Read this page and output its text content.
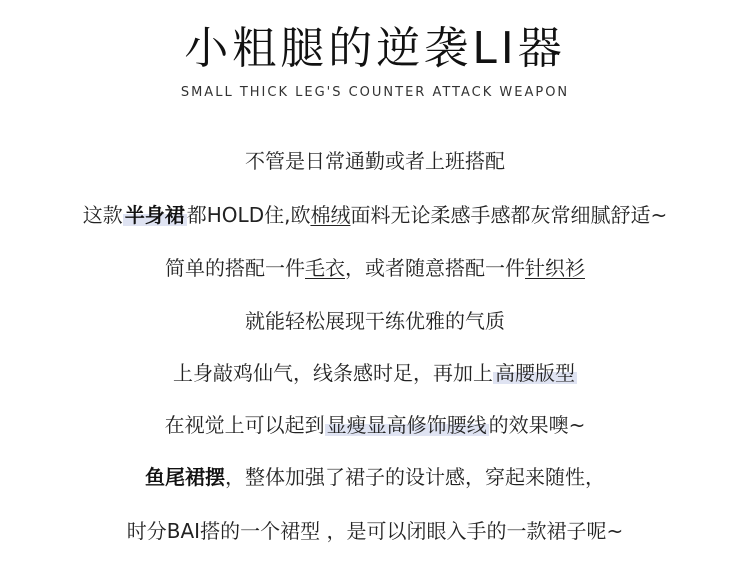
小粗腿的逆袭LI器
SMALL THICK LEG'S COUNTER ATTACK WEAPON
不管是日常通勤或者上班搭配
这款 半身裙 都HOLD住,欧棉绒面料无论柔感手感都灰常细腻舒适~
简单的搭配一件毛衣，或者随意搭配一件针织衫
就能轻松展现干练优雅的气质
上身敲鸡仙气，线条感时足，再加上 高腰版型
在视觉上可以起到 显瘦显高修饰腰线 的效果噢~
鱼尾裙摆，整体加强了裙子的设计感，穿起来随性，
时分BAI搭的一个裙型 ，是可以闭眼入手的一款裙子呢~
